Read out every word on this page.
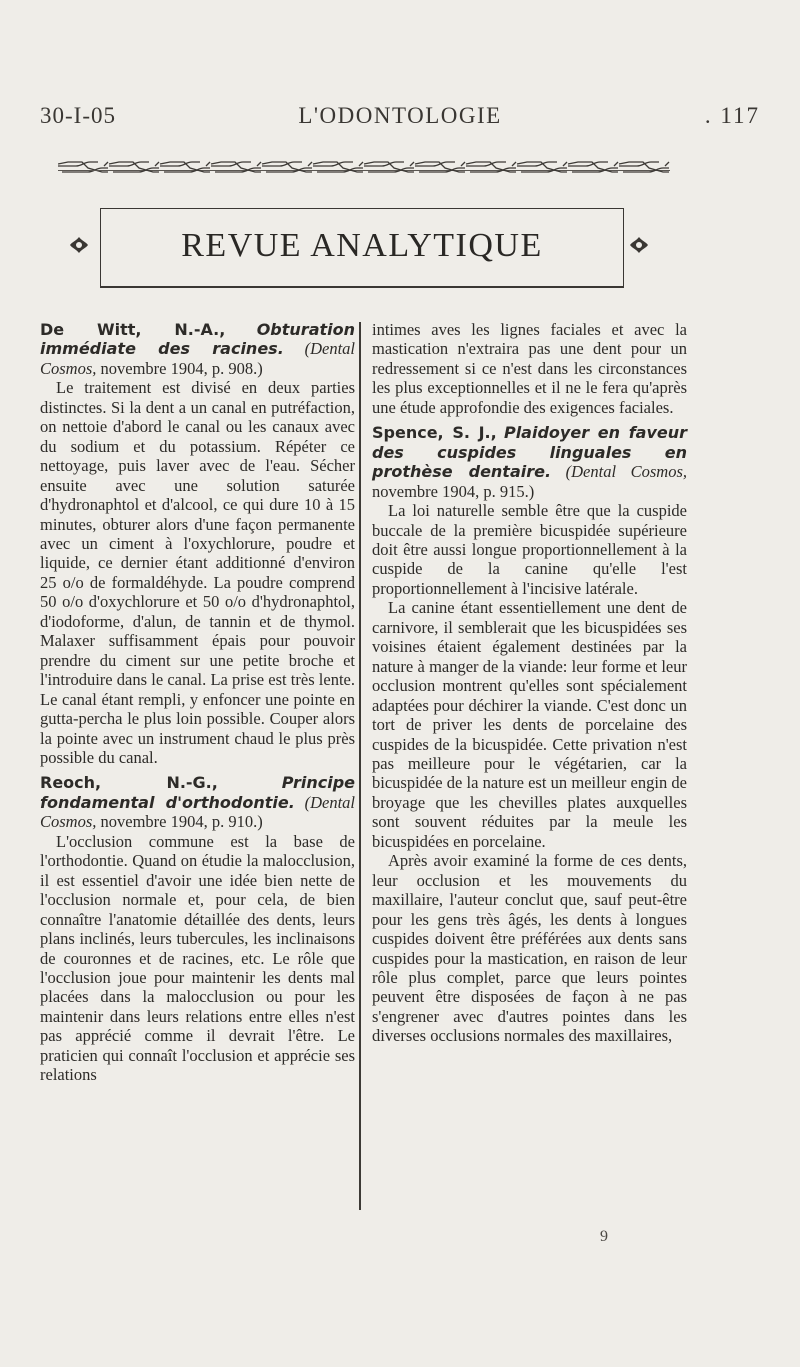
30-I-05	L'ODONTOLOGIE	. 117
REVUE ANALYTIQUE

De Witt, N.-A., Obturation immédiate des racines. (Dental Cosmos, novembre 1904, p. 908.)

Le traitement est divisé en deux parties distinctes. Si la dent a un canal en putréfaction, on nettoie d'abord le canal ou les canaux avec du sodium et du potassium. Répéter ce nettoyage, puis laver avec de l'eau. Sécher ensuite avec une solution saturée d'hydronaphtol et d'alcool, ce qui dure 10 à 15 minutes, obturer alors d'une façon permanente avec un ciment à l'oxychlorure, poudre et liquide, ce dernier étant additionné d'environ 25 o/o de formaldéhyde. La poudre comprend 50 o/o d'oxychlorure et 50 o/o d'hydronaphtol, d'iodoforme, d'alun, de tannin et de thymol. Malaxer suffisamment épais pour pouvoir prendre du ciment sur une petite broche et l'introduire dans le canal. La prise est très lente. Le canal étant rempli, y enfoncer une pointe en gutta-percha le plus loin possible. Couper alors la pointe avec un instrument chaud le plus près possible du canal.

Reoch, N.-G.,	Principe fondamental d'orthodontie. (Dental Cosmos, novembre 1904, p. 910.)

L'occlusion commune est la base de l'orthodontie. Quand on étudie la malocclusion, il est essentiel d'avoir une idée bien nette de l'occlusion normale et, pour cela, de bien connaître l'anatomie détaillée des dents, leurs plans inclinés, leurs tubercules, les inclinaisons de couronnes et de racines, etc. Le rôle que l'occlusion joue pour maintenir les dents mal placées dans la malocclusion ou pour les maintenir dans leurs relations entre elles n'est pas apprécié comme il devrait l'être. Le praticien qui connaît l'occlusion et apprécie ses relations

intimes aves les lignes faciales et avec la mastication n'extraira pas une dent pour un redressement si ce n'est dans les circonstances les plus exceptionnelles et il ne le fera qu'après une étude approfondie des exigences faciales.

Spence, S. J., Plaidoyer en faveur des cuspides linguales en prothèse dentaire. (Dental Cosmos, novembre 1904, p. 915.)

La loi naturelle semble être que la cuspide buccale de la première bicuspidée supérieure doit être aussi longue proportionnellement à la cuspide de la canine qu'elle l'est proportionnellement à l'incisive latérale.

La canine étant essentiellement une dent de carnivore, il semblerait que les bicuspidées ses voisines étaient également destinées par la nature à manger de la viande: leur forme et leur occlusion montrent qu'elles sont spécialement adaptées pour déchirer la viande. C'est donc un tort de priver les dents de porcelaine des cuspides de la bicuspidée. Cette privation n'est pas meilleure pour le végétarien, car la bicuspidée de la nature est un meilleur engin de broyage que les chevilles plates auxquelles sont souvent réduites par la meule les bicuspidées en porcelaine.

Après avoir examiné la forme de ces dents, leur occlusion et les mouvements du maxillaire, l'auteur conclut que, sauf peut-être pour les gens très âgés, les dents à longues cuspides doivent être préférées aux dents sans cuspides pour la mastication, en raison de leur rôle plus complet, parce que leurs pointes peuvent être disposées de façon à ne pas s'engrener avec d'autres pointes dans les diverses occlusions normales des maxillaires,

9
